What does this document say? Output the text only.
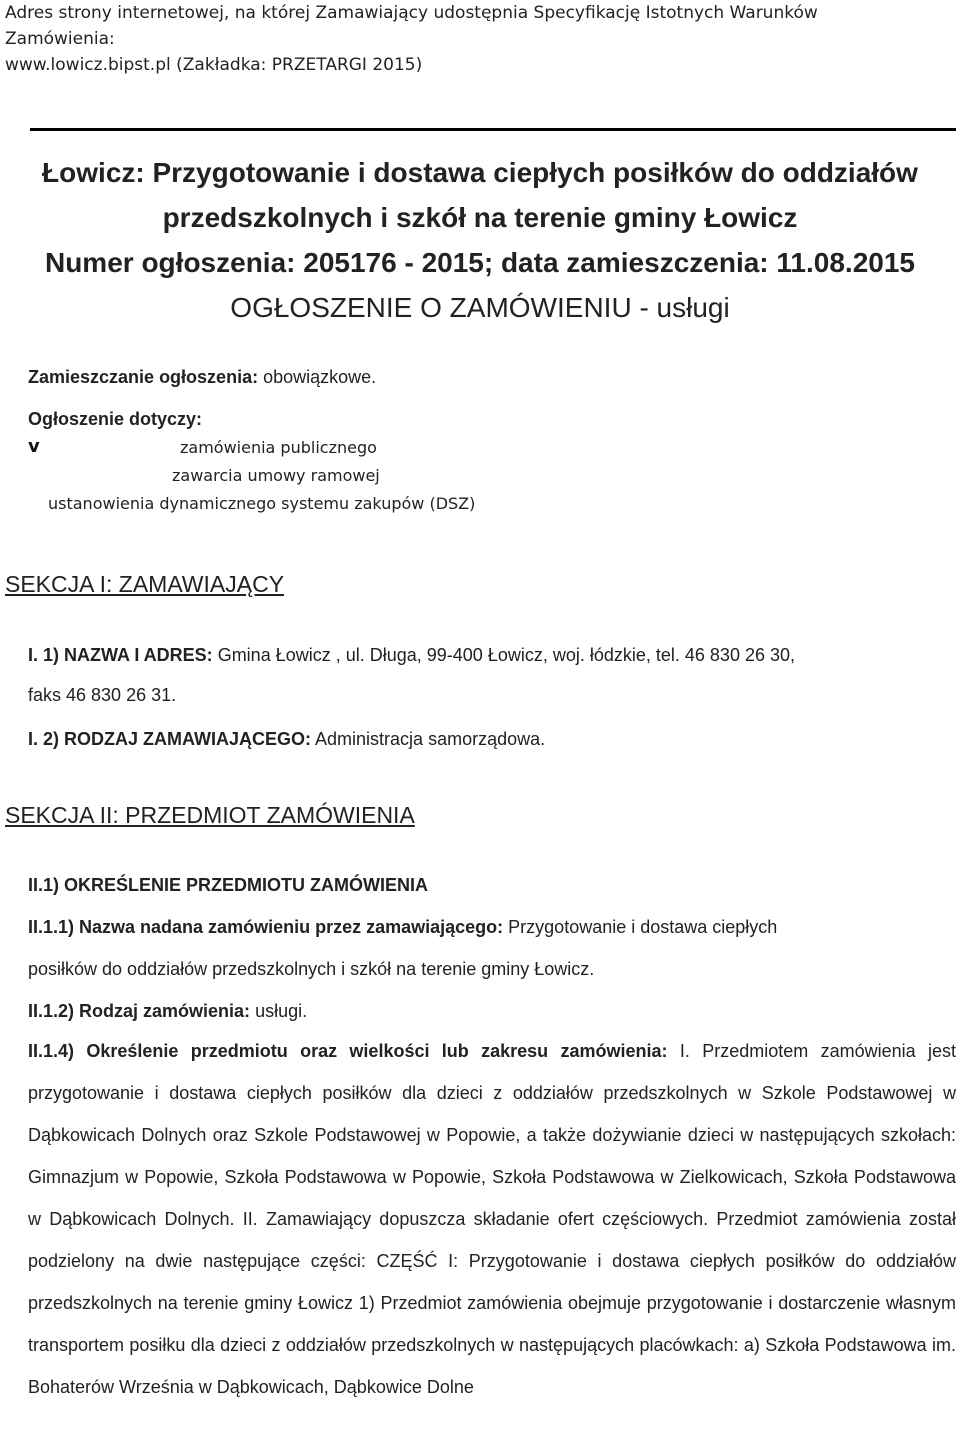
Adres strony internetowej, na której Zamawiający udostępnia Specyfikację Istotnych Warunków
Zamówienia:
www.lowicz.bipst.pl (Zakładka: PRZETARGI 2015)
Łowicz: Przygotowanie i dostawa ciepłych posiłków do oddziałów
przedszkolnych i szkół na terenie gminy Łowicz
Numer ogłoszenia: 205176 - 2015; data zamieszczenia: 11.08.2015
OGŁOSZENIE O ZAMÓWIENIU - usługi
Zamieszczanie ogłoszenia: obowiązkowe.
Ogłoszenie dotyczy:
v	zamówienia publicznego
zawarcia umowy ramowej
ustanowienia dynamicznego systemu zakupów (DSZ)
SEKCJA I: ZAMAWIAJĄCY
I. 1) NAZWA I ADRES: Gmina Łowicz , ul. Długa, 99-400 Łowicz, woj. łódzkie, tel. 46 830 26 30,
faks 46 830 26 31.
I. 2) RODZAJ ZAMAWIAJĄCEGO: Administracja samorządowa.
SEKCJA II: PRZEDMIOT ZAMÓWIENIA
II.1) OKREŚLENIE PRZEDMIOTU ZAMÓWIENIA
II.1.1) Nazwa nadana zamówieniu przez zamawiającego: Przygotowanie i dostawa ciepłych
posiłków do oddziałów przedszkolnych i szkół na terenie gminy Łowicz.
II.1.2) Rodzaj zamówienia: usługi.
II.1.4) Określenie przedmiotu oraz wielkości lub zakresu zamówienia: I. Przedmiotem zamówienia jest przygotowanie i dostawa ciepłych posiłków dla dzieci z oddziałów przedszkolnych w Szkole Podstawowej w Dąbkowicach Dolnych oraz Szkole Podstawowej w Popowie, a także dożywianie dzieci w następujących szkołach: Gimnazjum w Popowie, Szkoła Podstawowa w Popowie, Szkoła Podstawowa w Zielkowicach, Szkoła Podstawowa w Dąbkowicach Dolnych. II. Zamawiający dopuszcza składanie ofert częściowych. Przedmiot zamówienia został podzielony na dwie następujące części: CZĘŚĆ I: Przygotowanie i dostawa ciepłych posiłków do oddziałów przedszkolnych na terenie gminy Łowicz 1) Przedmiot zamówienia obejmuje przygotowanie i dostarczenie własnym transportem posiłku dla dzieci z oddziałów przedszkolnych w następujących placówkach: a) Szkoła Podstawowa im. Bohaterów Września w Dąbkowicach, Dąbkowice Dolne
